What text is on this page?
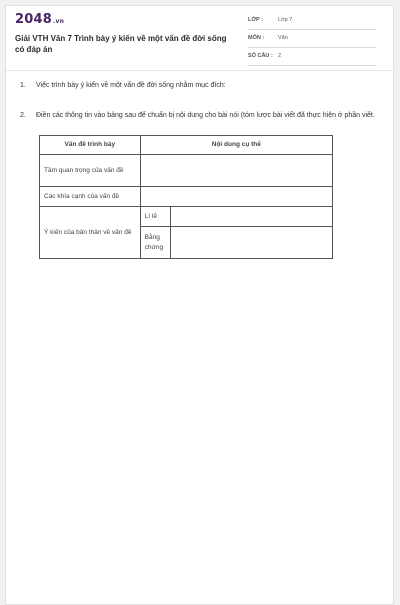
2048.vn
Giải VTH Văn 7 Trình bày ý kiến về một vấn đề đời sống có đáp án
LỚP :	Lớp 7
MÔN :	Văn
SỐ CÂU : 2
1. Việc trình bày ý kiến về một vấn đề đời sống nhằm mục đích:
2. Điền các thông tin vào bảng sau để chuẩn bị nội dung cho bài nói (tóm lược bài viết đã thực hiện ở phần viết.
Vấn đề trình bày	Nội dung cụ thể	
Tầm quan trọng của vấn đề		
Các khía cạnh của vấn đề		
Ý kiến của bản thân về vấn đề	Lí lẽ	
	Bằng chứng	
